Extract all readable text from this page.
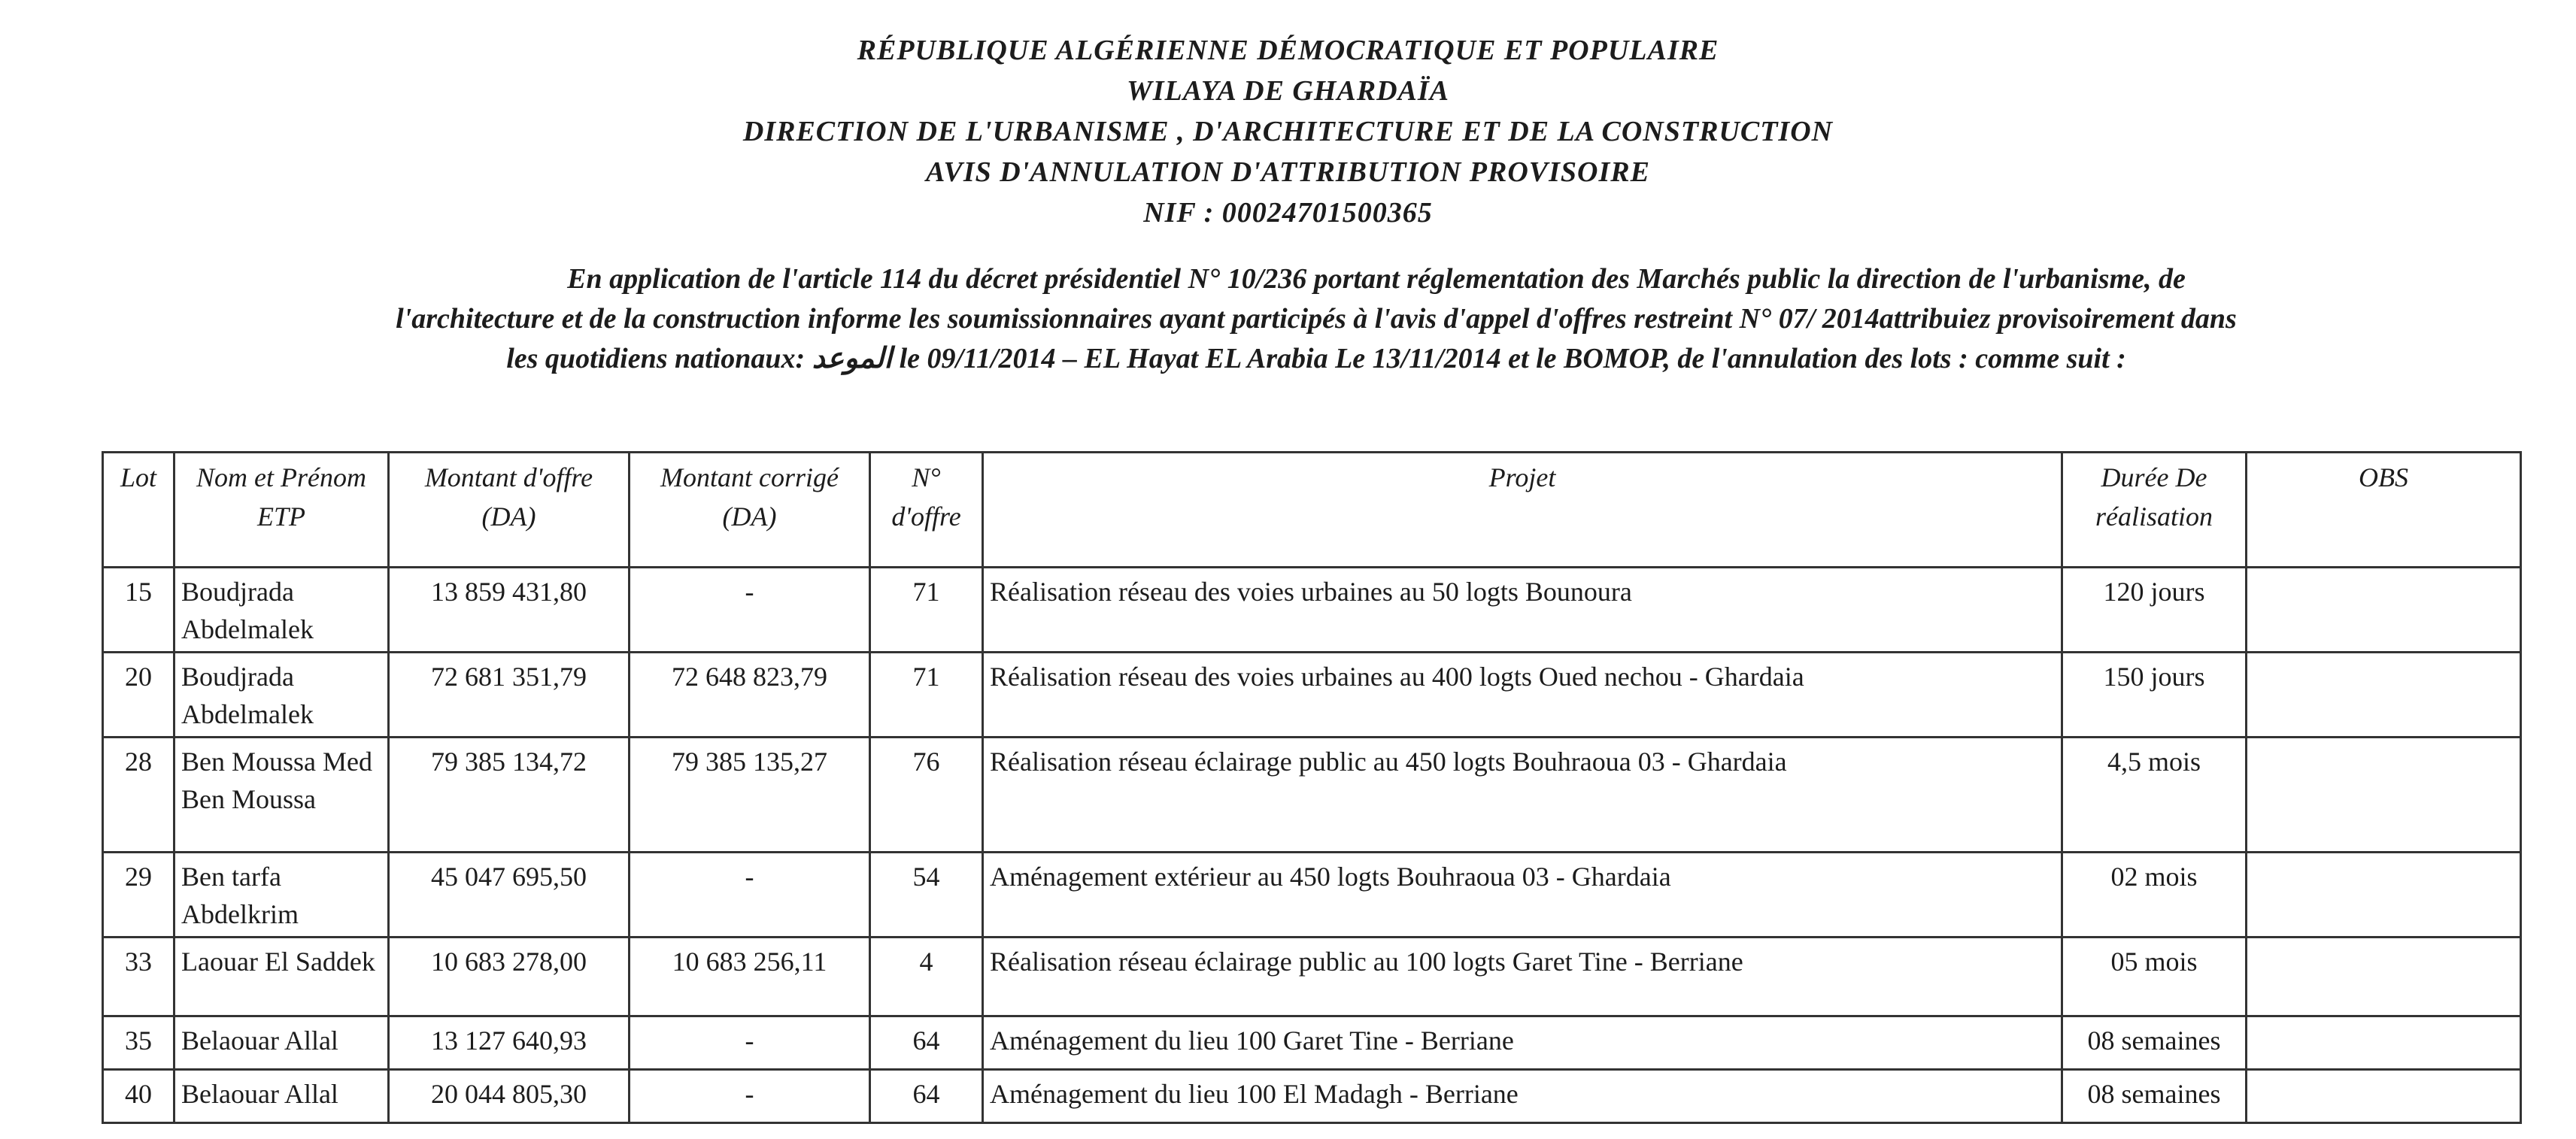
RÉPUBLIQUE ALGÉRIENNE DÉMOCRATIQUE ET POPULAIRE
WILAYA DE GHARDAÏA
DIRECTION DE L'URBANISME , D'ARCHITECTURE ET DE LA CONSTRUCTION
AVIS D'ANNULATION D'ATTRIBUTION PROVISOIRE
NIF : 00024701500365

En application de l'article 114 du décret présidentiel N° 10/236 portant réglementation des Marchés public la direction de l'urbanisme, de

l'architecture et de la construction informe les soumissionnaires ayant participés à l'avis d'appel d'offres restreint N° 07/ 2014attribuiez provisoirement dans

les quotidiens nationaux: الموعد le 09/11/2014 – EL Hayat EL Arabia Le 13/11/2014 et le BOMOP, de l'annulation des lots : comme suit :

Lot	Nom et Prénom ETP	Montant d'offre (DA)	Montant corrigé (DA)	N° d'offre	Projet	Durée De réalisation	OBS
15	Boudjrada Abdelmalek	13 859 431,80	-	71	Réalisation réseau des voies urbaines au 50 logts Bounoura	120 jours	
20	Boudjrada Abdelmalek	72 681 351,79	72 648 823,79	71	Réalisation réseau des voies urbaines au 400 logts Oued nechou - Ghardaia	150 jours	
28	Ben Moussa Med Ben Moussa	79 385 134,72	79 385 135,27	76	Réalisation réseau éclairage public au 450 logts Bouhraoua 03 - Ghardaia	4,5 mois	
29	Ben tarfa Abdelkrim	45 047 695,50	-	54	Aménagement extérieur au 450 logts Bouhraoua 03 - Ghardaia	02 mois	
33	Laouar El Saddek	10 683 278,00	10 683 256,11	4	Réalisation réseau éclairage public au 100 logts Garet Tine - Berriane	05 mois	
35	Belaouar Allal	13 127 640,93	-	64	Aménagement du lieu 100 Garet Tine - Berriane	08 semaines	
40	Belaouar Allal	20 044 805,30	-	64	Aménagement du lieu 100 El Madagh - Berriane	08 semaines	
